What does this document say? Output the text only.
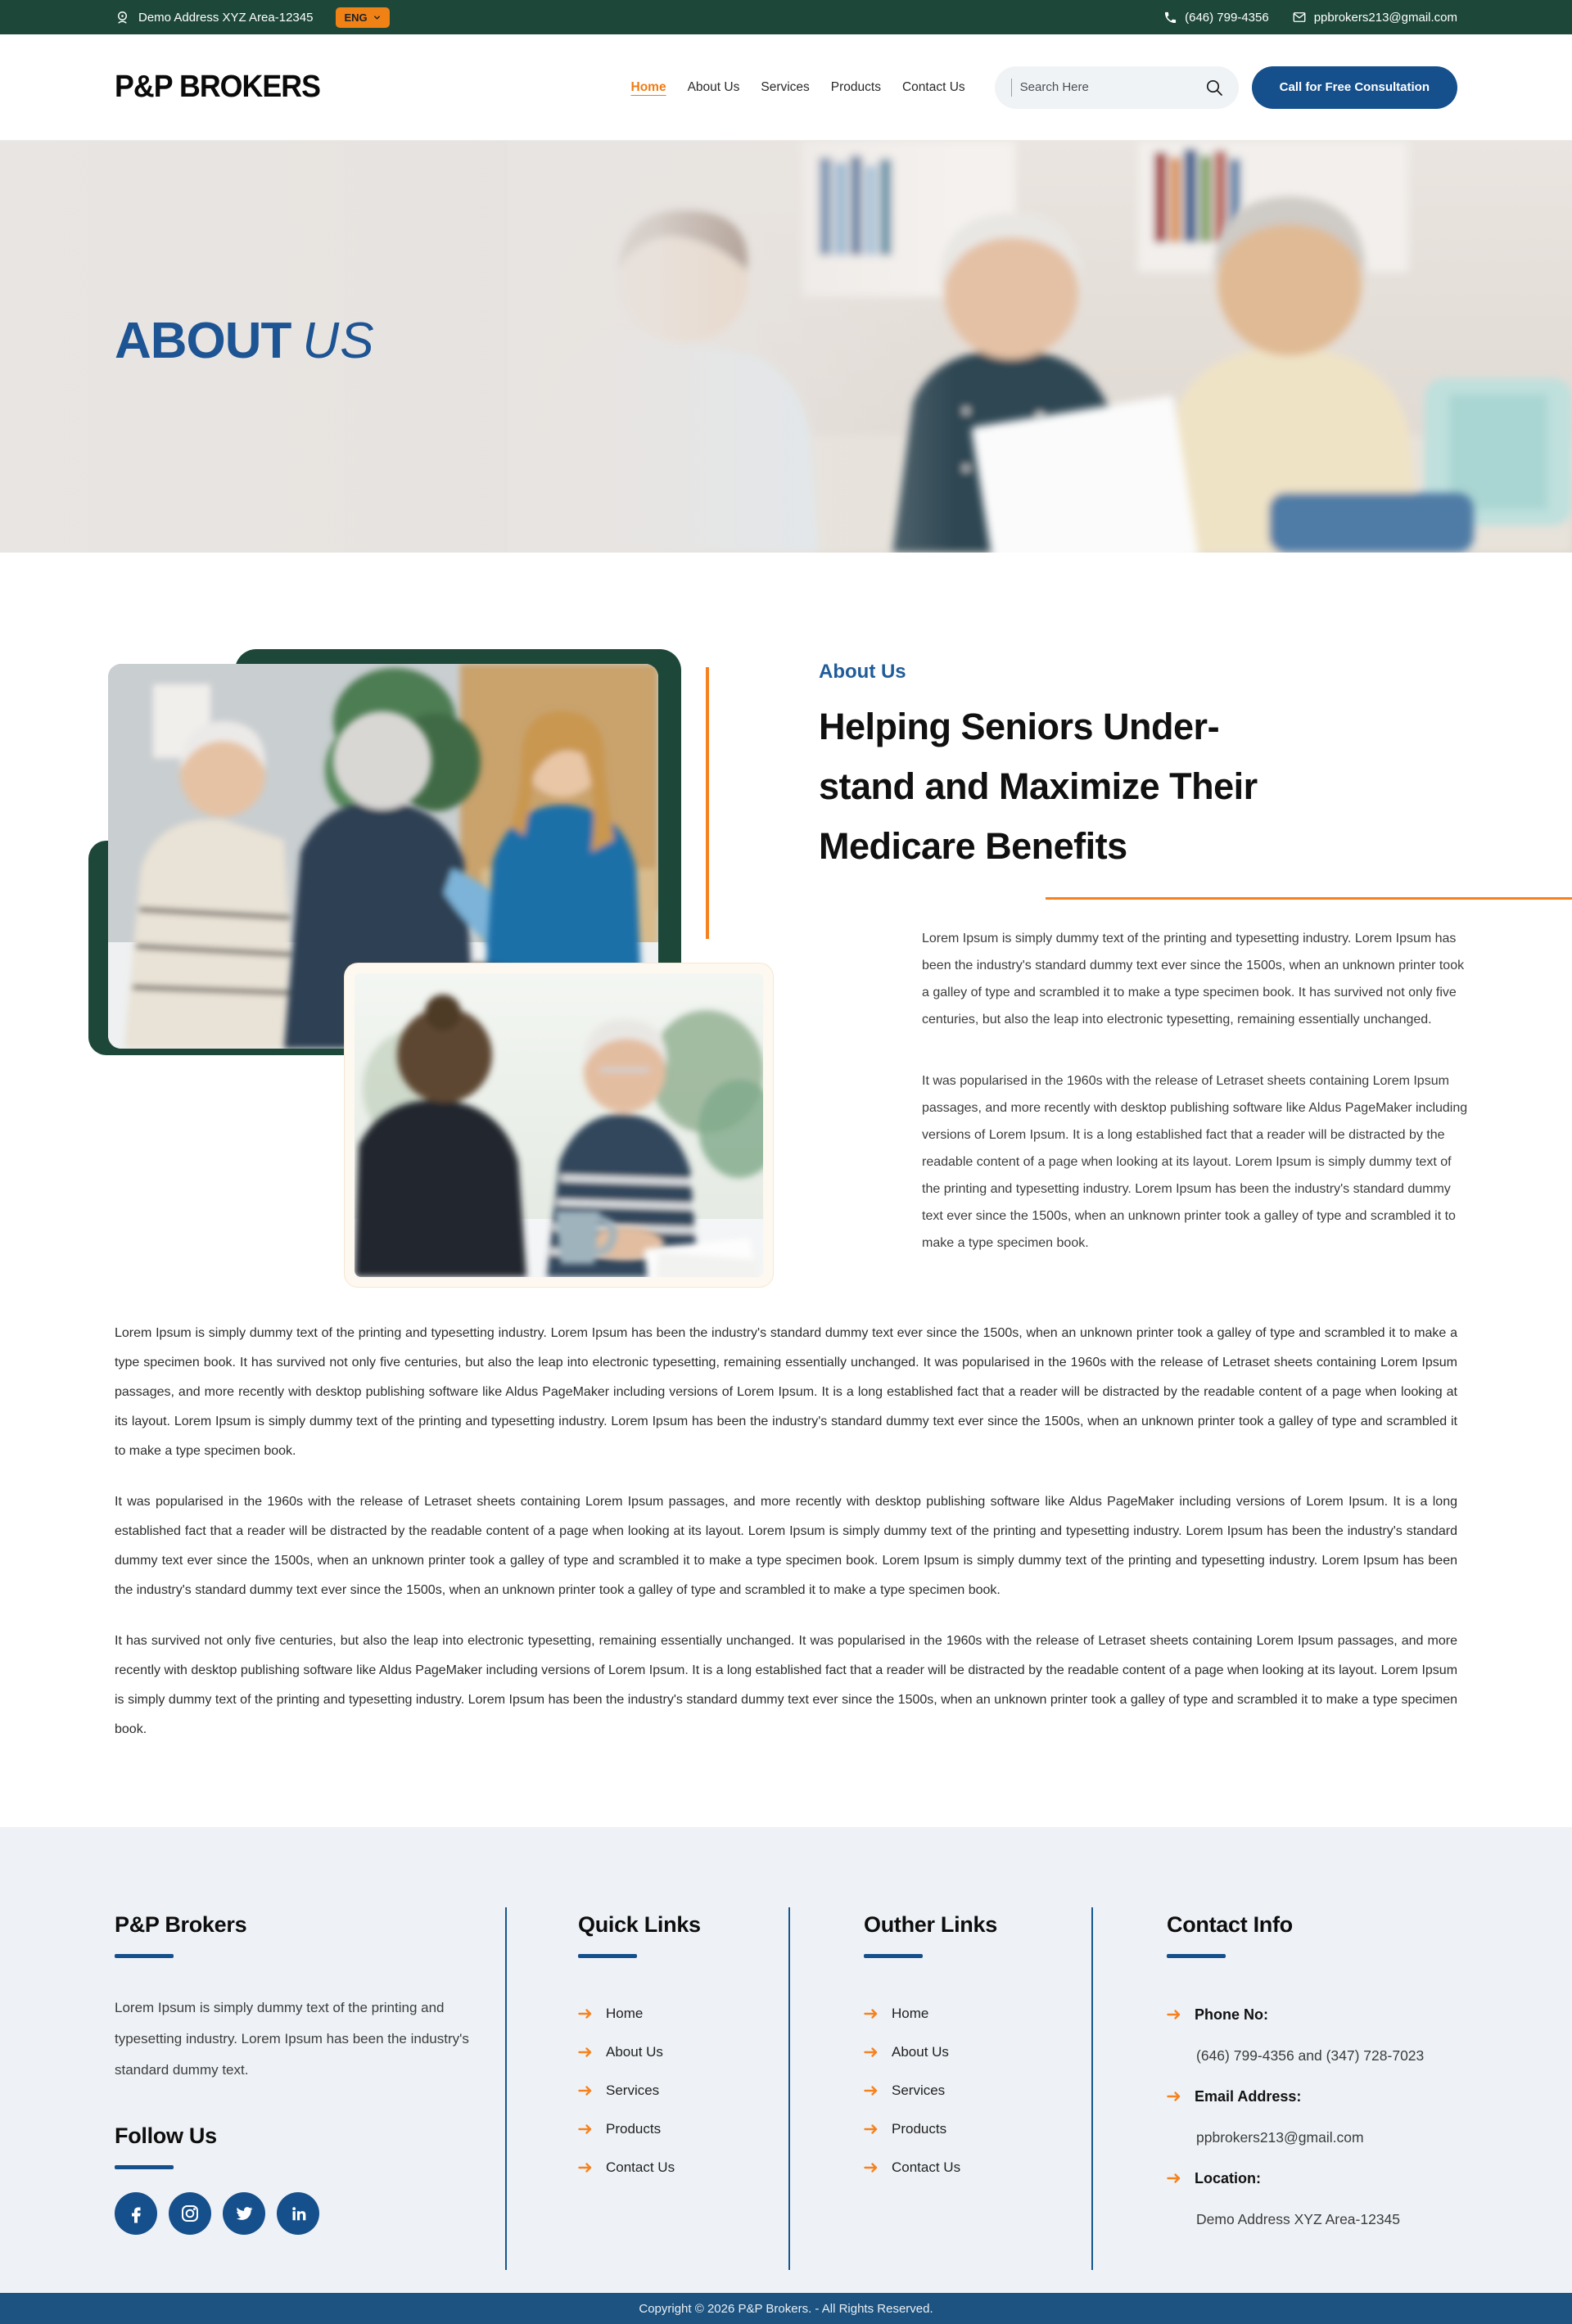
Demo Address XYZ Area-12345	ENG	(646) 799-4356	ppbrokers213@gmail.com
P&P BROKERS	Home About Us Services Products Contact Us
Search Here	Call for Free Consultation
ABOUT US
About Us
Helping Seniors Under-
stand and Maximize Their
Medicare Benefits

Lorem Ipsum is simply dummy text of the printing and typesetting industry. Lorem Ipsum has been the industry's standard dummy text ever since the 1500s, when an unknown printer took a galley of type and scrambled it to make a type specimen book. It has survived not only five centuries, but also the leap into electronic typesetting, remaining essentially unchanged.

It was popularised in the 1960s with the release of Letraset sheets containing Lorem Ipsum passages, and more recently with desktop publishing software like Aldus PageMaker including versions of Lorem Ipsum. It is a long established fact that a reader will be distracted by the readable content of a page when looking at its layout. Lorem Ipsum is simply dummy text of the printing and typesetting industry. Lorem Ipsum has been the industry's standard dummy text ever since the 1500s, when an unknown printer took a galley of type and scrambled it to make a type specimen book.

Lorem Ipsum is simply dummy text of the printing and typesetting industry. Lorem Ipsum has been the industry's standard dummy text ever since the 1500s, when an unknown printer took a galley of type and scrambled it to make a type specimen book. It has survived not only five centuries, but also the leap into electronic typesetting, remaining essentially unchanged. It was popularised in the 1960s with the release of Letraset sheets containing Lorem Ipsum passages, and more recently with desktop publishing software like Aldus PageMaker including versions of Lorem Ipsum. It is a long established fact that a reader will be distracted by the readable content of a page when looking at its layout. Lorem Ipsum is simply dummy text of the printing and typesetting industry. Lorem Ipsum has been the industry's standard dummy text ever since the 1500s, when an unknown printer took a galley of type and scrambled it to make a type specimen book.

It was popularised in the 1960s with the release of Letraset sheets containing Lorem Ipsum passages, and more recently with desktop publishing software like Aldus PageMaker including versions of Lorem Ipsum. It is a long established fact that a reader will be distracted by the readable content of a page when looking at its layout. Lorem Ipsum is simply dummy text of the printing and typesetting industry. Lorem Ipsum has been the industry's standard dummy text ever since the 1500s, when an unknown printer took a galley of type and scrambled it to make a type specimen book. Lorem Ipsum is simply dummy text of the printing and typesetting industry. Lorem Ipsum has been the industry's standard dummy text ever since the 1500s, when an unknown printer took a galley of type and scrambled it to make a type specimen book.

It has survived not only five centuries, but also the leap into electronic typesetting, remaining essentially unchanged. It was popularised in the 1960s with the release of Letraset sheets containing Lorem Ipsum passages, and more recently with desktop publishing software like Aldus PageMaker including versions of Lorem Ipsum. It is a long established fact that a reader will be distracted by the readable content of a page when looking at its layout. Lorem Ipsum is simply dummy text of the printing and typesetting industry. Lorem Ipsum has been the industry's standard dummy text ever since the 1500s, when an unknown printer took a galley of type and scrambled it to make a type specimen book.

P&P Brokers

Lorem Ipsum is simply dummy text of the printing and typesetting industry. Lorem Ipsum has been the industry's standard dummy text.

Follow Us
Quick Links
Home
About Us
Services
Products
Contact Us
Outher Links
Home
About Us
Services
Products
Contact Us
Contact Info
Phone No:
(646) 799-4356 and (347) 728-7023
Email Address:
ppbrokers213@gmail.com
Location:
Demo Address XYZ Area-12345
Copyright © 2026 P&P Brokers. - All Rights Reserved.
